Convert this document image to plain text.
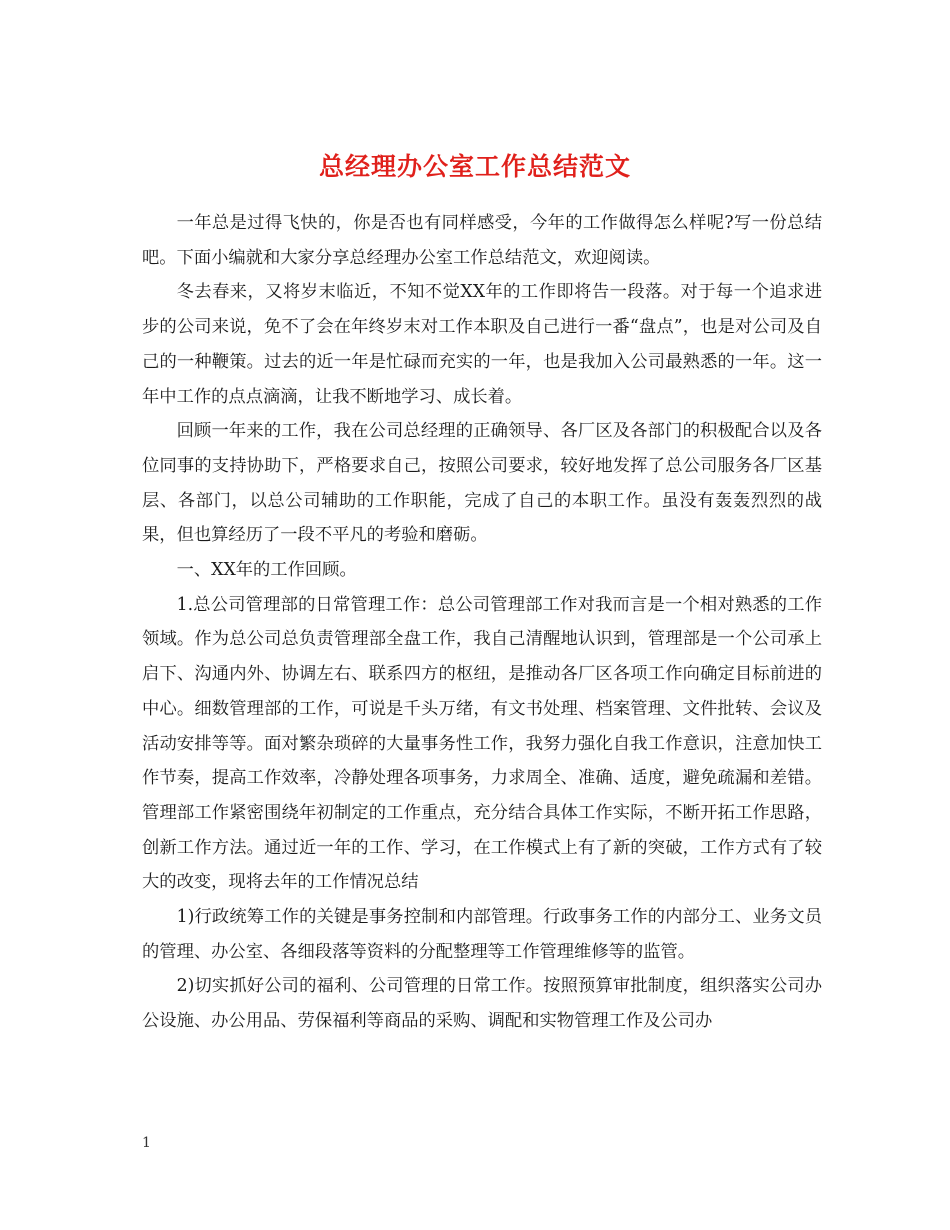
总经理办公室工作总结范文

一年总是过得飞快的，你是否也有同样感受，今年的工作做得怎么样呢?写一份总结吧。下面小编就和大家分享总经理办公室工作总结范文，欢迎阅读。

冬去春来，又将岁末临近，不知不觉XX年的工作即将告一段落。对于每一个追求进步的公司来说，免不了会在年终岁末对工作本职及自己进行一番“盘点”，也是对公司及自己的一种鞭策。过去的近一年是忙碌而充实的一年，也是我加入公司最熟悉的一年。这一年中工作的点点滴滴，让我不断地学习、成长着。

回顾一年来的工作，我在公司总经理的正确领导、各厂区及各部门的积极配合以及各位同事的支持协助下，严格要求自己，按照公司要求，较好地发挥了总公司服务各厂区基层、各部门，以总公司辅助的工作职能，完成了自己的本职工作。虽没有轰轰烈烈的战果，但也算经历了一段不平凡的考验和磨砺。

一、XX年的工作回顾。

1.总公司管理部的日常管理工作：总公司管理部工作对我而言是一个相对熟悉的工作领域。作为总公司总负责管理部全盘工作，我自己清醒地认识到，管理部是一个公司承上启下、沟通内外、协调左右、联系四方的枢纽，是推动各厂区各项工作向确定目标前进的中心。细数管理部的工作，可说是千头万绪，有文书处理、档案管理、文件批转、会议及活动安排等等。面对繁杂琐碎的大量事务性工作，我努力强化自我工作意识，注意加快工作节奏，提高工作效率，冷静处理各项事务，力求周全、准确、适度，避免疏漏和差错。管理部工作紧密围绕年初制定的工作重点，充分结合具体工作实际，不断开拓工作思路，创新工作方法。通过近一年的工作、学习，在工作模式上有了新的突破，工作方式有了较大的改变，现将去年的工作情况总结

1)行政统筹工作的关键是事务控制和内部管理。行政事务工作的内部分工、业务文员的管理、办公室、各细段落等资料的分配整理等工作管理维修等的监管。

2)切实抓好公司的福利、公司管理的日常工作。按照预算审批制度，组织落实公司办公设施、办公用品、劳保福利等商品的采购、调配和实物管理工作及公司办

1
